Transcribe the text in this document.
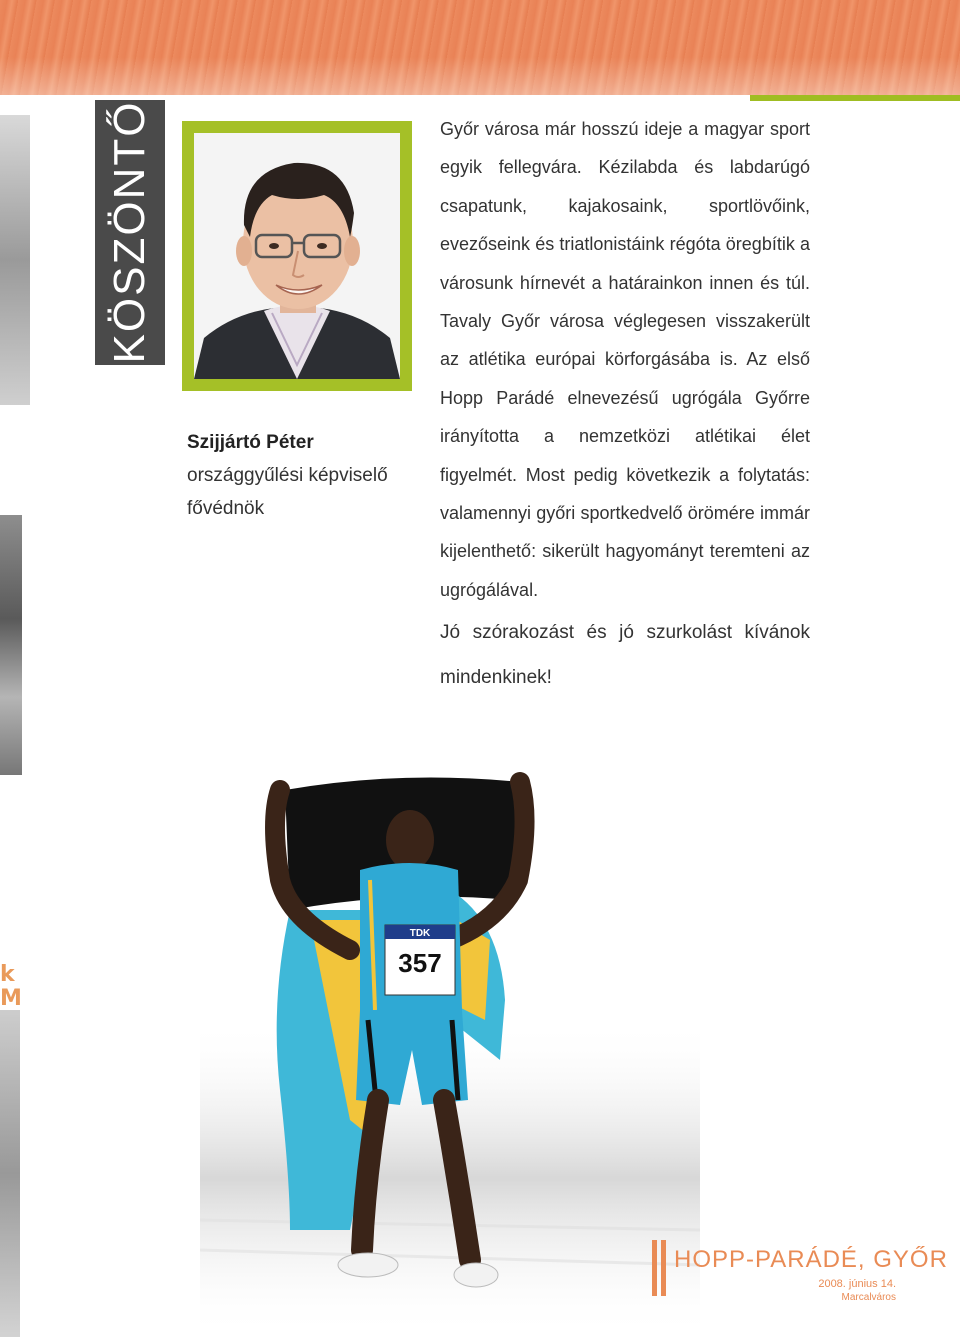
k
M
KÖSZÖNTŐ
Szijjártó Péter
országgyűlési képviselő
fővédnök

Győr városa már hosszú ideje a magyar sport egyik fellegvára. Kézilabda és labdarúgó csapatunk, kajakosaink, sportlövőink, evezőseink és triatlonistáink régóta öregbítik a városunk hírnevét a határainkon innen és túl. Tavaly Győr városa véglegesen visszakerült az atlétika európai körforgásába is. Az első Hopp Parádé elnevezésű ugrógála Győrre irányította a nemzetközi atlétikai élet figyelmét. Most pedig következik a folytatás: valamennyi győri sportkedvelő örömére immár kijelenthető: sikerült hagyományt teremteni az ugrógálával.

Jó szórakozást és jó szurkolást kívánok
mindenkinek!
TDK
357
HOPP-PARÁDÉ, GYŐR
2008. június 14.
Marcalváros
